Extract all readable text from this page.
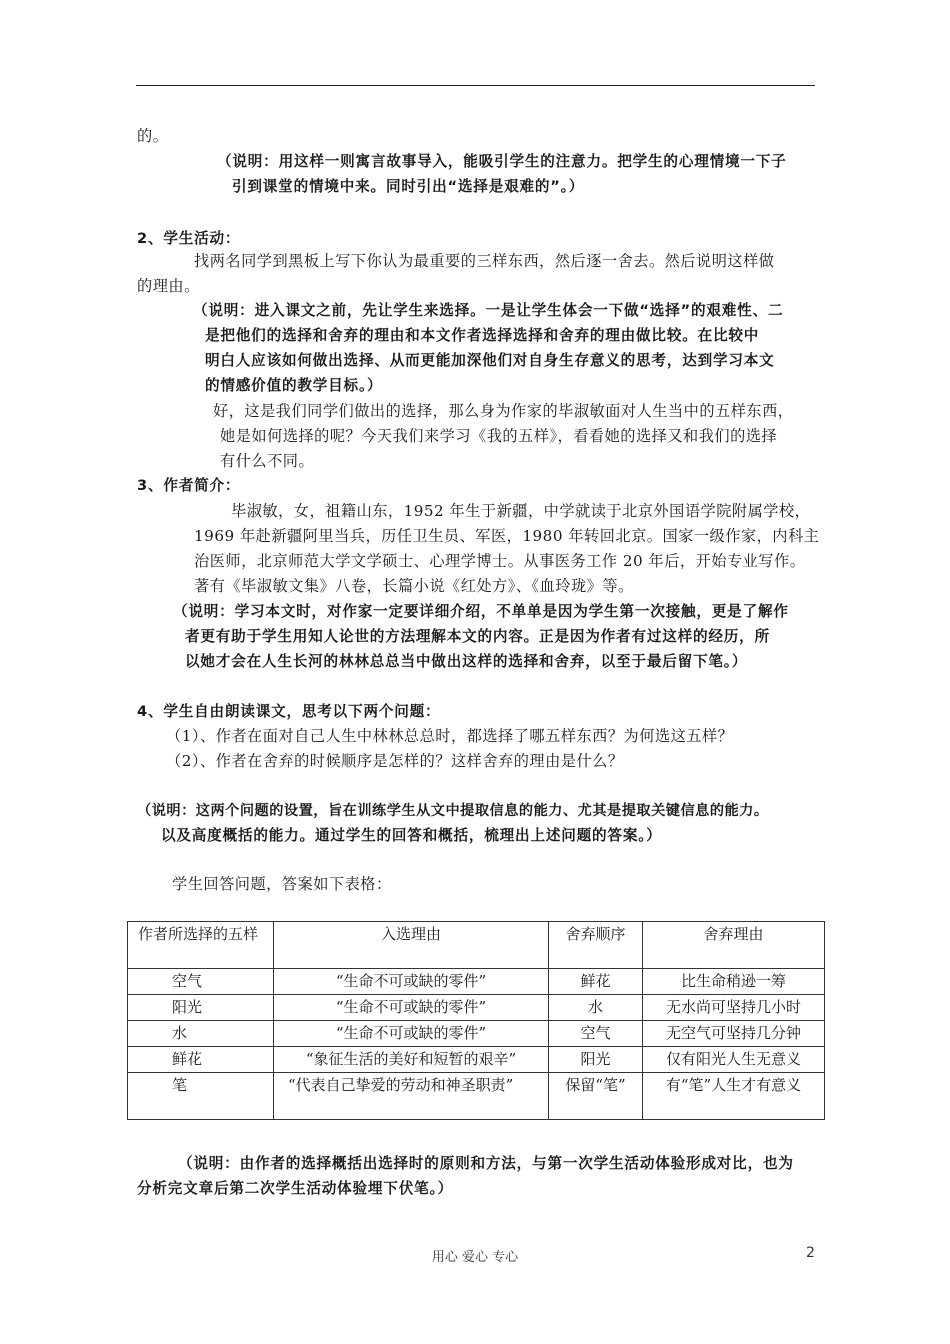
的。
（说明：用这样一则寓言故事导入，能吸引学生的注意力。把学生的心理情境一下子
引到课堂的情境中来。同时引出“选择是艰难的”。）
2、学生活动：
找两名同学到黑板上写下你认为最重要的三样东西，然后逐一舍去。然后说明这样做
的理由。
（说明：进入课文之前，先让学生来选择。一是让学生体会一下做“选择”的艰难性、二
是把他们的选择和舍弃的理由和本文作者选择选择和舍弃的理由做比较。在比较中
明白人应该如何做出选择、从而更能加深他们对自身生存意义的思考，达到学习本文
的情感价值的教学目标。）
好，这是我们同学们做出的选择，那么身为作家的毕淑敏面对人生当中的五样东西，
她是如何选择的呢？今天我们来学习《我的五样》，看看她的选择又和我们的选择
有什么不同。
3、作者简介：
毕淑敏，女，祖籍山东，1952 年生于新疆，中学就读于北京外国语学院附属学校，
1969 年赴新疆阿里当兵，历任卫生员、军医，1980 年转回北京。国家一级作家，内科主
治医师，北京师范大学文学硕士、心理学博士。从事医务工作 20 年后，开始专业写作。
著有《毕淑敏文集》八卷，长篇小说《红处方》、《血玲珑》等。
（说明：学习本文时，对作家一定要详细介绍，不单单是因为学生第一次接触，更是了解作
者更有助于学生用知人论世的方法理解本文的内容。正是因为作者有过这样的经历，所
以她才会在人生长河的林林总总当中做出这样的选择和舍弃，以至于最后留下笔。）
4、学生自由朗读课文，思考以下两个问题：
（1）、作者在面对自己人生中林林总总时，都选择了哪五样东西？为何选这五样？
（2）、作者在舍弃的时候顺序是怎样的？这样舍弃的理由是什么？
（说明：这两个问题的设置，旨在训练学生从文中提取信息的能力、尤其是提取关键信息的能力。
以及高度概括的能力。通过学生的回答和概括，梳理出上述问题的答案。）
学生回答问题，答案如下表格：
作者所选择的五样	入选理由	舍弃顺序	舍弃理由
空气	“生命不可或缺的零件”	鲜花	比生命稍逊一筹
阳光	“生命不可或缺的零件”	水	无水尚可坚持几小时
水	“生命不可或缺的零件”	空气	无空气可坚持几分钟
鲜花	“象征生活的美好和短暂的艰辛”	阳光	仅有阳光人生无意义
笔	“代表自己挚爱的劳动和神圣职责”	保留“笔”	有“笔”人生才有意义
（说明：由作者的选择概括出选择时的原则和方法，与第一次学生活动体验形成对比，也为
分析完文章后第二次学生活动体验埋下伏笔。）
用心 爱心 专心	2
